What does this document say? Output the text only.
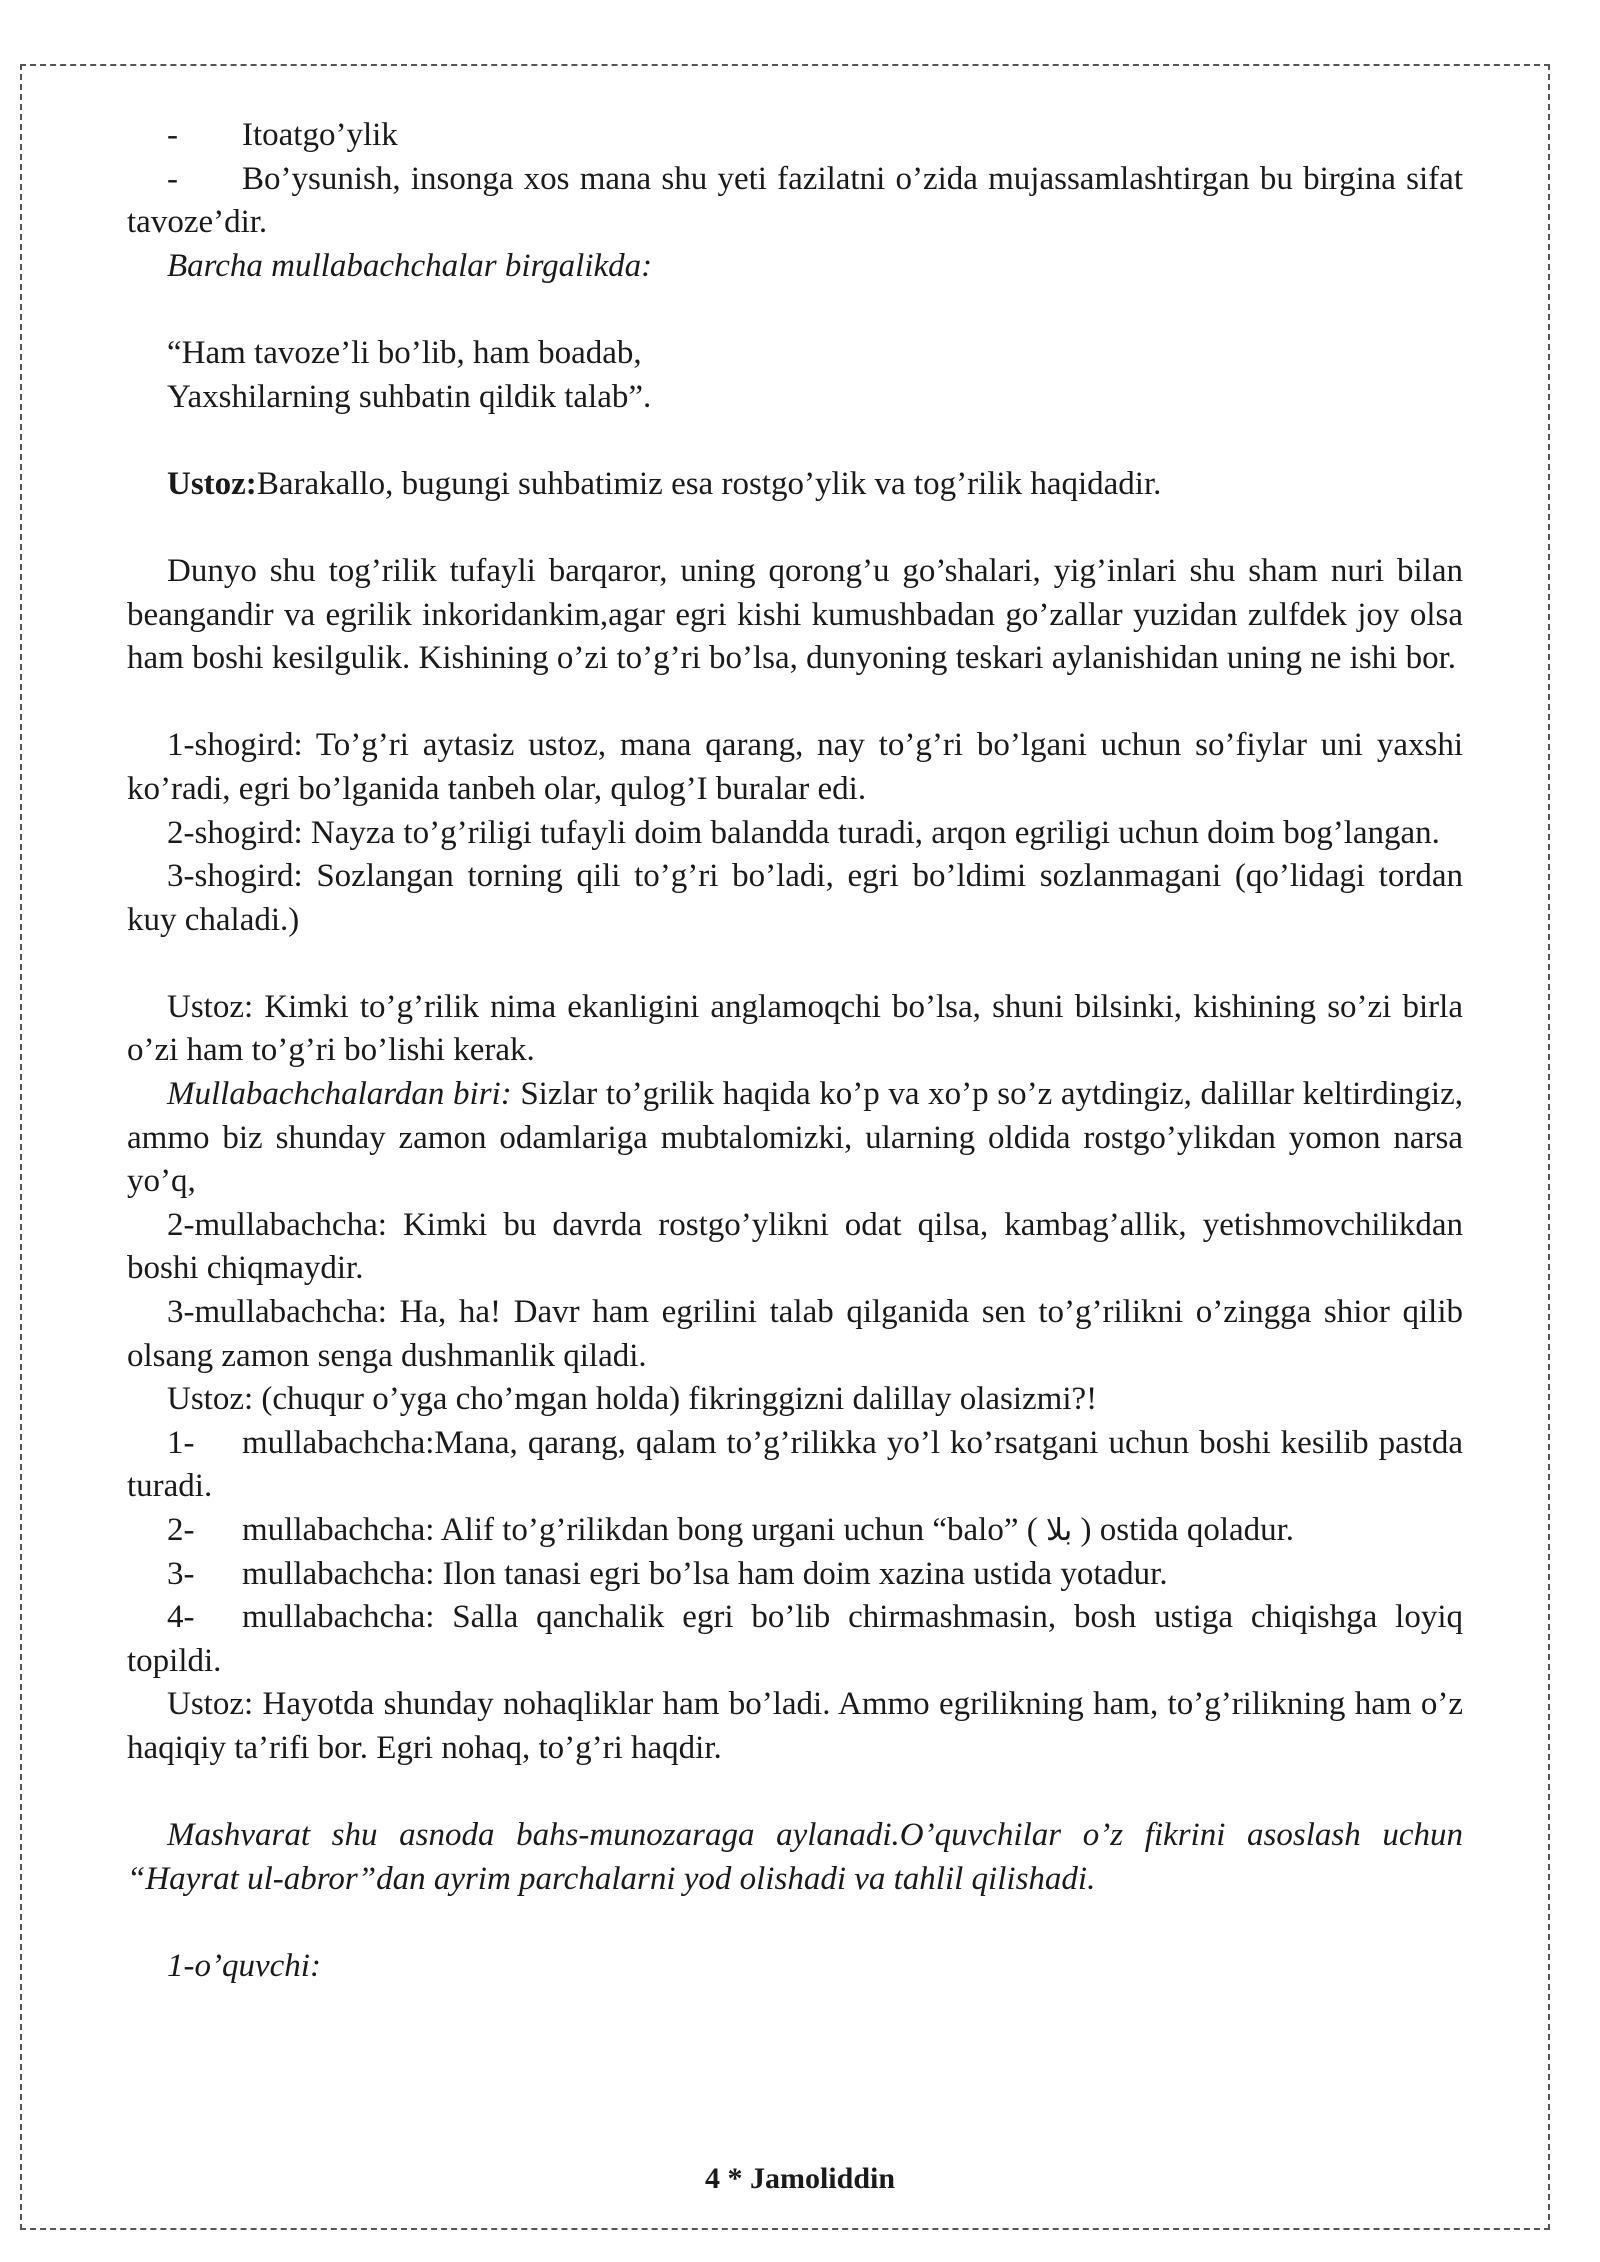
- Itoatgo’ylik

- Bo’ysunish, insonga xos mana shu yeti fazilatni o’zida mujassamlashtirgan bu birgina sifat tavoze’dir.

Barcha mullabachchalar birgalikda:

“Ham tavoze’li bo’lib, ham boadab,

Yaxshilarning suhbatin qildik talab”.

Ustoz:Barakallo, bugungi suhbatimiz esa rostgo’ylik va tog’rilik haqidadir.

Dunyo shu tog’rilik tufayli barqaror, uning qorong’u go’shalari, yig’inlari shu sham nuri bilan beangandir va egrilik inkoridankim,agar egri kishi kumushbadan go’zallar yuzidan zulfdek joy olsa ham boshi kesilgulik. Kishining o’zi to’g’ri bo’lsa, dunyoning teskari aylanishidan uning ne ishi bor.

1-shogird: To’g’ri aytasiz ustoz, mana qarang, nay to’g’ri bo’lgani uchun so’fiylar uni yaxshi ko’radi, egri bo’lganida tanbeh olar, qulog’I buralar edi.

2-shogird: Nayza to’g’riligi tufayli doim balandda turadi, arqon egriligi uchun doim bog’langan.

3-shogird: Sozlangan torning qili to’g’ri bo’ladi, egri bo’ldimi sozlanmagani (qo’lidagi tordan kuy chaladi.)

Ustoz: Kimki to’g’rilik nima ekanligini anglamoqchi bo’lsa, shuni bilsinki, kishining so’zi birla o’zi ham to’g’ri bo’lishi kerak.

Mullabachchalardan biri: Sizlar to’grilik haqida ko’p va xo’p so’z aytdingiz, dalillar keltirdingiz, ammo biz shunday zamon odamlariga mubtalomizki, ularning oldida rostgo’ylikdan yomon narsa yo’q,

2-mullabachcha: Kimki bu davrda rostgo’ylikni odat qilsa, kambag’allik, yetishmovchilikdan boshi chiqmaydir.

3-mullabachcha: Ha, ha! Davr ham egrilini talab qilganida sen to’g’rilikni o’zingga shior qilib olsang zamon senga dushmanlik qiladi.

Ustoz: (chuqur o’yga cho’mgan holda) fikringgizni dalillay olasizmi?!

1- mullabachcha:Mana, qarang, qalam to’g’rilikka yo’l ko’rsatgani uchun boshi kesilib pastda turadi.

2- mullabachcha: Alif to’g’rilikdan bong urgani uchun “balo” ( بلا ) ostida qoladur.

3- mullabachcha: Ilon tanasi egri bo’lsa ham doim xazina ustida yotadur.

4- mullabachcha: Salla qanchalik egri bo’lib chirmashmasin, bosh ustiga chiqishga loyiq topildi.

Ustoz: Hayotda shunday nohaqliklar ham bo’ladi. Ammo egrilikning ham, to’g’rilikning ham o’z haqiqiy ta’rifi bor. Egri nohaq, to’g’ri haqdir.

Mashvarat shu asnoda bahs-munozaraga aylanadi.O’quvchilar o’z fikrini asoslash uchun “Hayrat ul-abror”dan ayrim parchalarni yod olishadi va tahlil qilishadi.

1-o’quvchi:

4 * Jamoliddin
